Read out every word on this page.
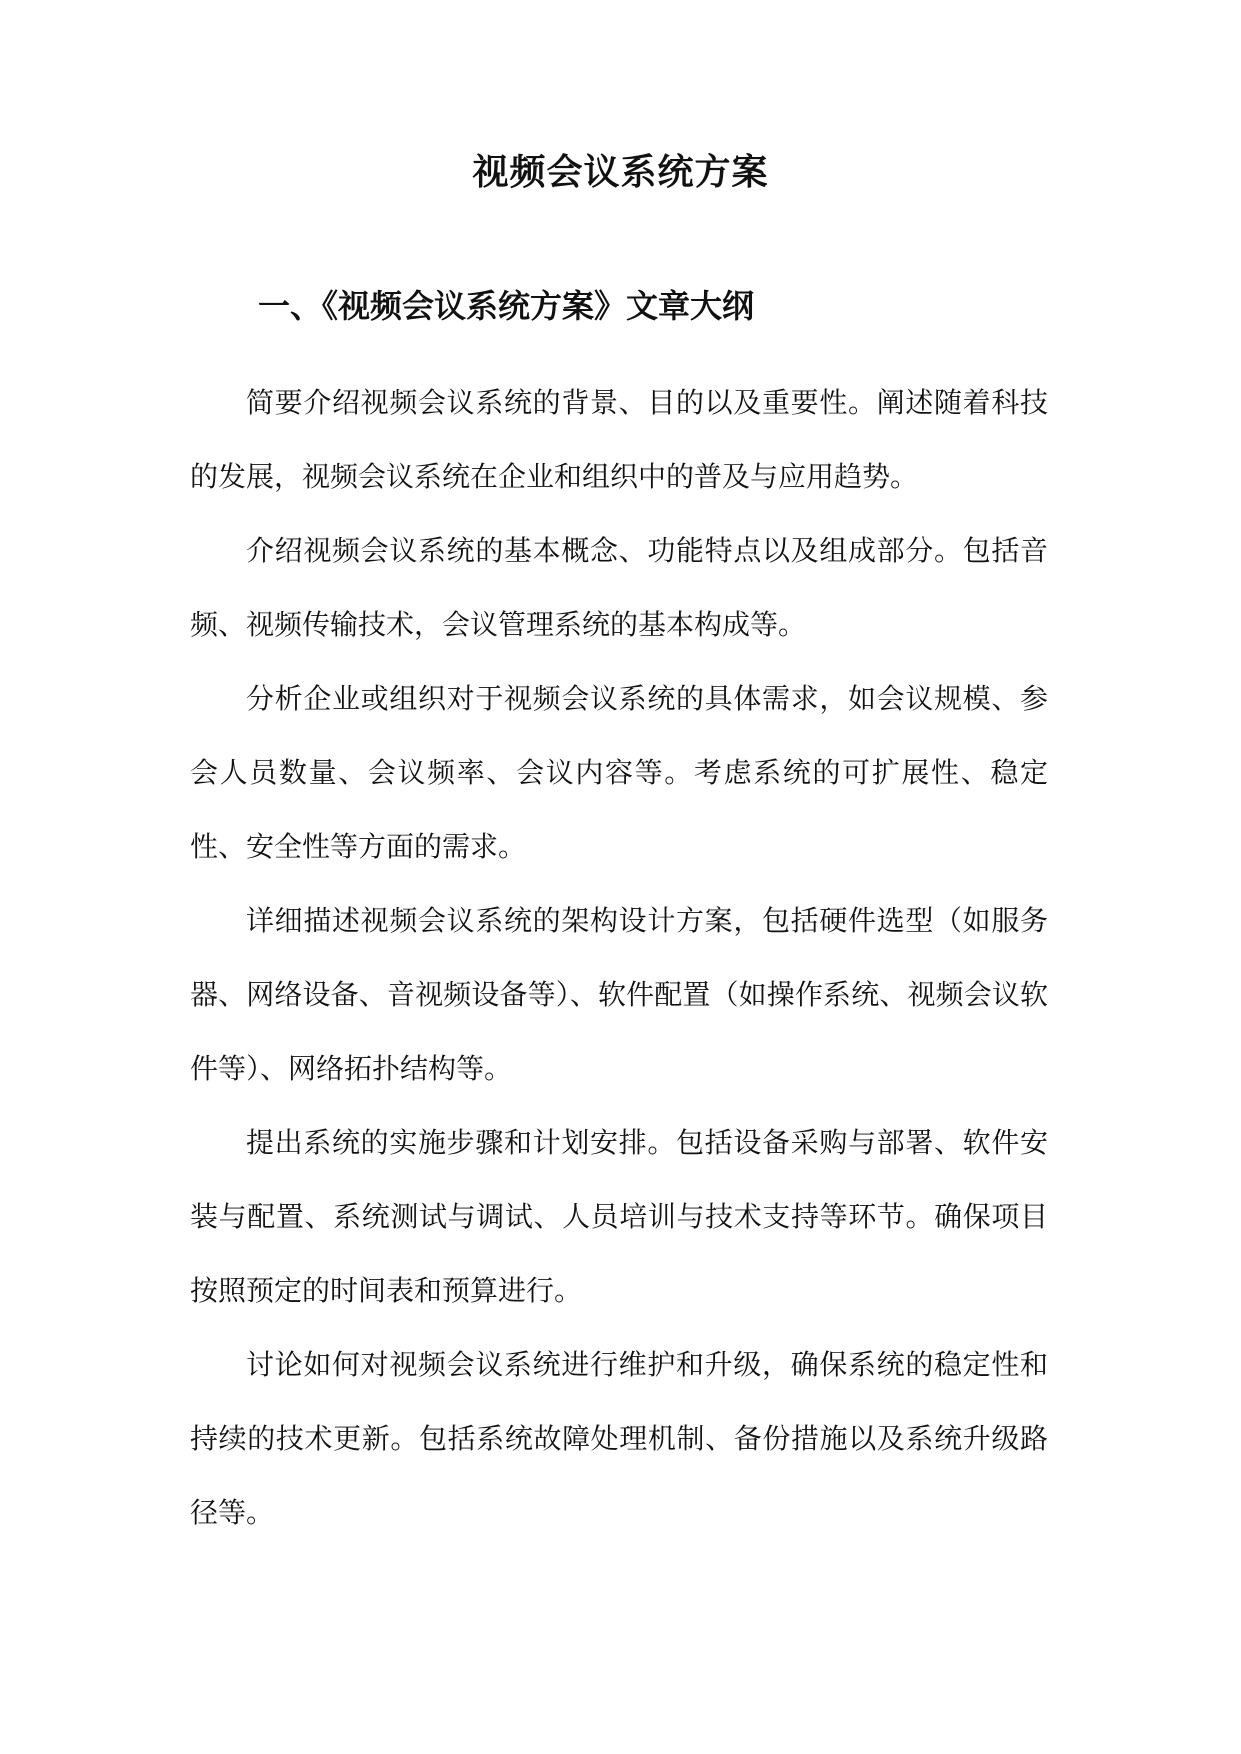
视频会议系统方案
一、《视频会议系统方案》文章大纲

简要介绍视频会议系统的背景、目的以及重要性。阐述随着科技的发展，视频会议系统在企业和组织中的普及与应用趋势。

介绍视频会议系统的基本概念、功能特点以及组成部分。包括音频、视频传输技术，会议管理系统的基本构成等。

分析企业或组织对于视频会议系统的具体需求，如会议规模、参会人员数量、会议频率、会议内容等。考虑系统的可扩展性、稳定性、安全性等方面的需求。

详细描述视频会议系统的架构设计方案，包括硬件选型（如服务器、网络设备、音视频设备等）、软件配置（如操作系统、视频会议软件等）、网络拓扑结构等。

提出系统的实施步骤和计划安排。包括设备采购与部署、软件安装与配置、系统测试与调试、人员培训与技术支持等环节。确保项目按照预定的时间表和预算进行。

讨论如何对视频会议系统进行维护和升级，确保系统的稳定性和持续的技术更新。包括系统故障处理机制、备份措施以及系统升级路径等。
